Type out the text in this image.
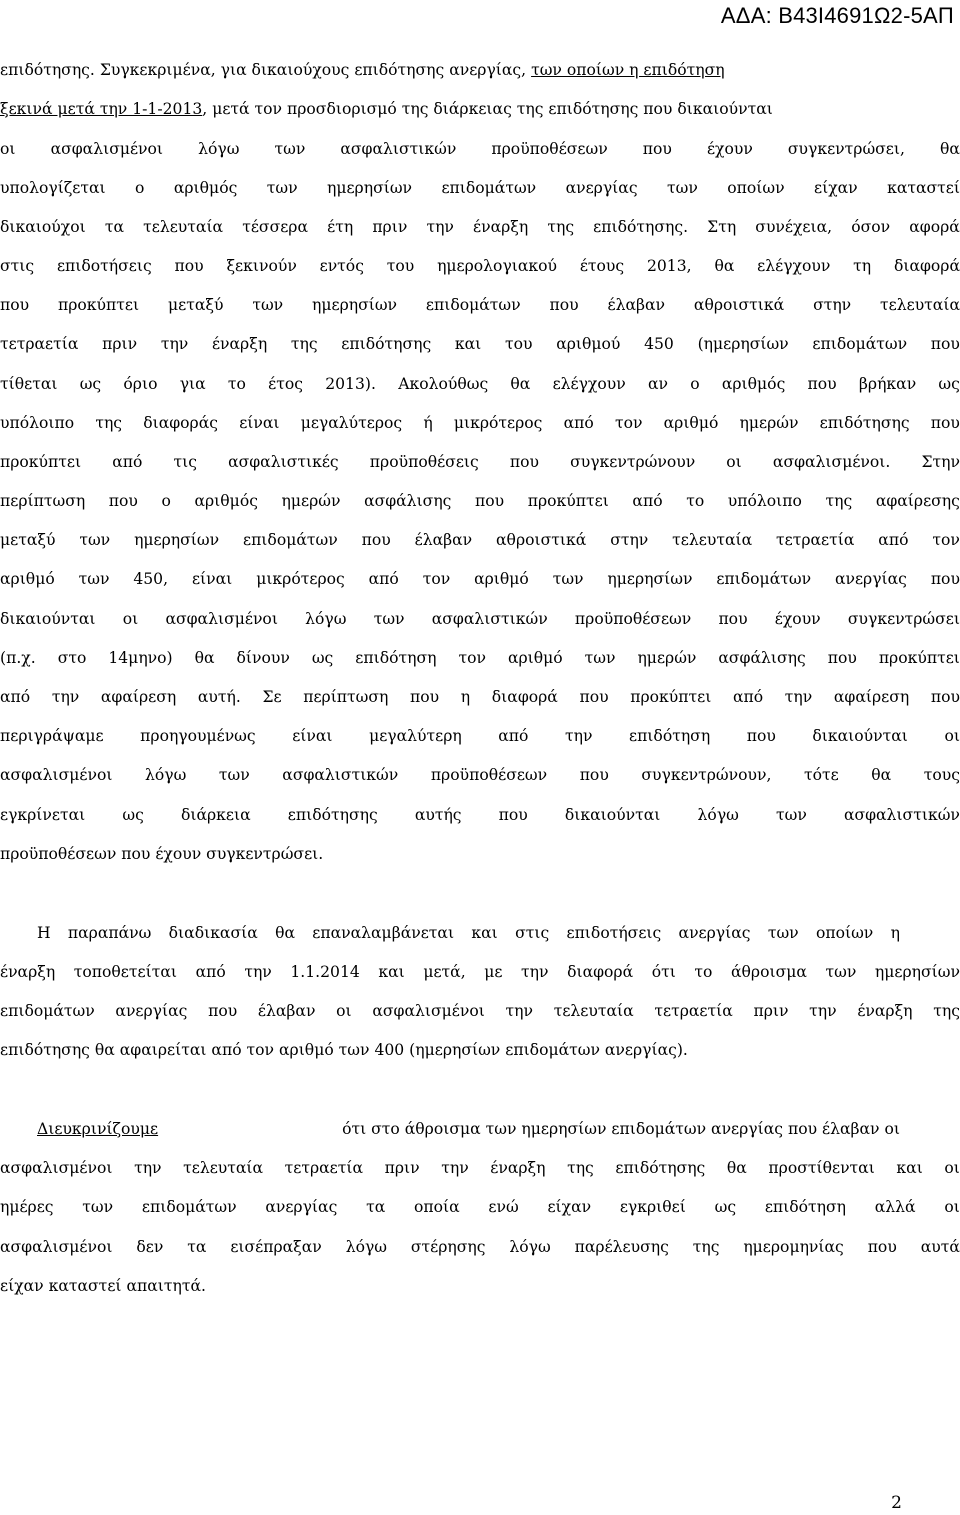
ΑΔΑ: Β43Ι4691Ω2-5ΑΠ
επιδότησης. Συγκεκριμένα, για δικαιούχους επιδότησης ανεργίας, των οποίων η επιδότηση
ξεκινά μετά την 1-1-2013, μετά τον προσδιορισμό της διάρκειας της επιδότησης που δικαιούνται
οι ασφαλισμένοι λόγω των ασφαλιστικών προϋποθέσεων που έχουν συγκεντρώσει, θα
υπολογίζεται ο αριθμός των ημερησίων επιδομάτων ανεργίας των οποίων είχαν καταστεί
δικαιούχοι τα τελευταία τέσσερα έτη πριν την έναρξη της επιδότησης. Στη συνέχεια, όσον αφορά
στις επιδοτήσεις που ξεκινούν εντός του ημερολογιακού έτους 2013, θα ελέγχουν τη διαφορά
που προκύπτει μεταξύ των ημερησίων επιδομάτων που έλαβαν αθροιστικά στην τελευταία
τετραετία πριν την έναρξη της επιδότησης και του αριθμού 450 (ημερησίων επιδομάτων που
τίθεται ως όριο για το έτος 2013). Ακολούθως θα ελέγχουν αν ο αριθμός που βρήκαν ως
υπόλοιπο της διαφοράς είναι μεγαλύτερος ή μικρότερος από τον αριθμό ημερών επιδότησης που
προκύπτει από τις ασφαλιστικές προϋποθέσεις που συγκεντρώνουν οι ασφαλισμένοι. Στην
περίπτωση που ο αριθμός ημερών ασφάλισης που προκύπτει από το υπόλοιπο της αφαίρεσης
μεταξύ των ημερησίων επιδομάτων που έλαβαν αθροιστικά στην τελευταία τετραετία από τον
αριθμό των 450, είναι μικρότερος από τον αριθμό των ημερησίων επιδομάτων ανεργίας που
δικαιούνται οι ασφαλισμένοι λόγω των ασφαλιστικών προϋποθέσεων που έχουν συγκεντρώσει
(π.χ. στο 14μηνο) θα δίνουν ως επιδότηση τον αριθμό των ημερών ασφάλισης που προκύπτει
από την αφαίρεση αυτή. Σε περίπτωση που η διαφορά που προκύπτει από την αφαίρεση που
περιγράψαμε προηγουμένως είναι μεγαλύτερη από την επιδότηση που δικαιούνται οι
ασφαλισμένοι λόγω των ασφαλιστικών προϋποθέσεων που συγκεντρώνουν, τότε θα τους
εγκρίνεται ως διάρκεια επιδότησης αυτής που δικαιούνται λόγω των ασφαλιστικών
προϋποθέσεων που έχουν συγκεντρώσει.
Η παραπάνω διαδικασία θα επαναλαμβάνεται και στις επιδοτήσεις ανεργίας των οποίων η
έναρξη τοποθετείται από την 1.1.2014 και μετά, με την διαφορά ότι το άθροισμα των ημερησίων
επιδομάτων ανεργίας που έλαβαν οι ασφαλισμένοι την τελευταία τετραετία πριν την έναρξη της
επιδότησης θα αφαιρείται από τον αριθμό των 400 (ημερησίων επιδομάτων ανεργίας).
Διευκρινίζουμε	ότι στο άθροισμα των ημερησίων επιδομάτων ανεργίας που έλαβαν οι
ασφαλισμένοι την τελευταία τετραετία πριν την έναρξη της επιδότησης θα προστίθενται και οι
ημέρες των επιδομάτων ανεργίας τα οποία ενώ είχαν εγκριθεί ως επιδότηση αλλά οι
ασφαλισμένοι δεν τα εισέπραξαν λόγω στέρησης λόγω παρέλευσης της ημερομηνίας που αυτά
είχαν καταστεί απαιτητά.
2
